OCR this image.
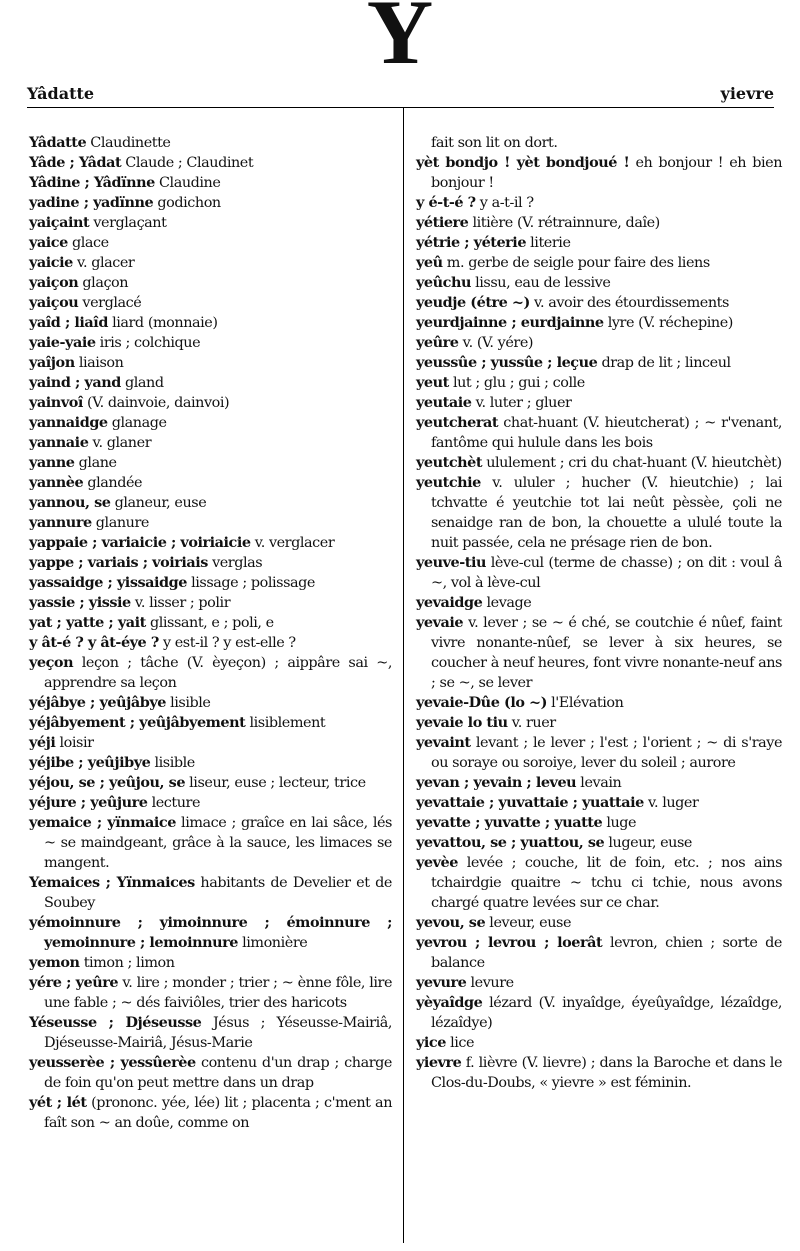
Y
Yâdatte	yievre

Yâdatte Claudinette

Yâde ; Yâdat Claude ; Claudinet

Yâdine ; Yâdïnne Claudine

yadine ; yadïnne godichon

yaiçaint verglaçant

yaice glace

yaicie v. glacer

yaiçon glaçon

yaiçou verglacé

yaîd ; liaîd liard (monnaie)

yaie-yaie iris ; colchique

yaîjon liaison

yaind ; yand gland

yainvoî (V. dainvoie, dainvoi)

yannaidge glanage

yannaie v. glaner

yanne glane

yannèe glandée

yannou, se glaneur, euse

yannure glanure

yappaie ; variaicie ; voiriaicie v. verglacer

yappe ; variais ; voiriais verglas

yassaidge ; yissaidge lissage ; polissage

yassie ; yissie v. lisser ; polir

yat ; yatte ; yait glissant, e ; poli, e

y ât-é ? y ât-éye ? y est-il ? y est-elle ?

yeçon leçon ; tâche (V. èyeçon) ; aippâre sai ~, apprendre sa leçon

yéjâbye ; yeûjâbye lisible

yéjâbyement ; yeûjâbyement lisiblement

yéji loisir

yéjibe ; yeûjibye lisible

yéjou, se ; yeûjou, se liseur, euse ; lecteur, trice

yéjure ; yeûjure lecture

yemaice ; yïnmaice limace ; graîce en lai sâce, lés ~ se maindgeant, grâce à la sauce, les limaces se mangent.

Yemaices ; Yïnmaices habitants de Develier et de Soubey

yémoinnure ; yimoinnure ; émoinnure ; yemoinnure ; lemoinnure limonière

yemon timon ; limon

yére ; yeûre v. lire ; monder ; trier ; ~ ènne fôle, lire une fable ; ~ dés faiviôles, trier des haricots

Yéseusse ; Djéseusse Jésus ; Yéseusse-Mairiâ, Djéseusse-Mairiâ, Jésus-Marie

yeusserèe ; yessûerèe contenu d'un drap ; charge de foin qu'on peut mettre dans un drap

yét ; lét (prononc. yée, lée) lit ; placenta ; c'ment an faît son ~ an doûe, comme on

fait son lit on dort.

yèt bondjo ! yèt bondjoué ! eh bonjour ! eh bien bonjour !

y é-t-é ? y a-t-il ?

yétiere litière (V. rétrainnure, daîe)

yétrie ; yéterie literie

yeû m. gerbe de seigle pour faire des liens

yeûchu lissu, eau de lessive

yeudje (étre ~) v. avoir des étourdissements

yeurdjainne ; eurdjainne lyre (V. réchepine)

yeûre v. (V. yére)

yeussûe ; yussûe ; leçue drap de lit ; linceul

yeut lut ; glu ; gui ; colle

yeutaie v. luter ; gluer

yeutcherat chat-huant (V. hieutcherat) ; ~ r'venant, fantôme qui hulule dans les bois

yeutchèt ululement ; cri du chat-huant (V. hieutchèt)

yeutchie v. ululer ; hucher (V. hieutchie) ; lai tchvatte é yeutchie tot lai neût pèssèe, çoli ne senaidge ran de bon, la chouette a ululé toute la nuit passée, cela ne présage rien de bon.

yeuve-tiu lève-cul (terme de chasse) ; on dit : voul â ~, vol à lève-cul

yevaidge levage

yevaie v. lever ; se ~ é ché, se coutchie é nûef, faint vivre nonante-nûef, se lever à six heures, se coucher à neuf heures, font vivre nonante-neuf ans ; se ~, se lever

yevaie-Dûe (lo ~) l'Elévation

yevaie lo tiu v. ruer

yevaint levant ; le lever ; l'est ; l'orient ; ~ di s'raye ou soraye ou soroiye, lever du soleil ; aurore

yevan ; yevain ; leveu levain

yevattaie ; yuvattaie ; yuattaie v. luger

yevatte ; yuvatte ; yuatte luge

yevattou, se ; yuattou, se lugeur, euse

yevèe levée ; couche, lit de foin, etc. ; nos ains tchairdgie quaitre ~ tchu ci tchie, nous avons chargé quatre levées sur ce char.

yevou, se leveur, euse

yevrou ; levrou ; loerât levron, chien ; sorte de balance

yevure levure

yèyaîdge lézard (V. inyaîdge, éyeûyaîdge, lézaîdge, lézaîdye)

yice lice

yievre f. lièvre (V. lievre) ; dans la Baroche et dans le Clos-du-Doubs, « yievre » est féminin.
